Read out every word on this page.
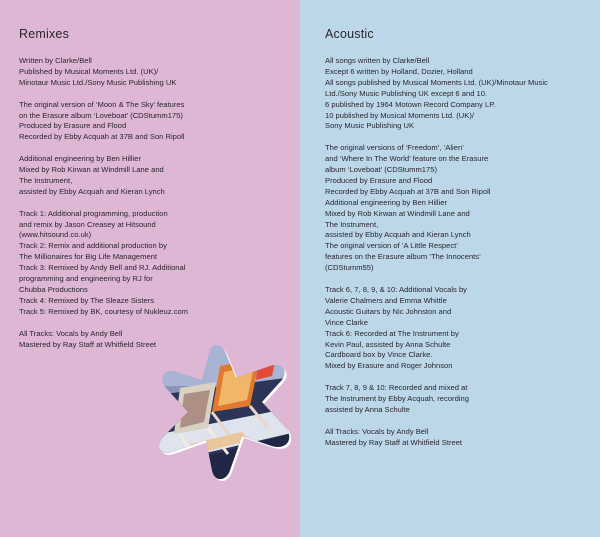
Remixes
Written by Clarke/Bell
Published by Musical Moments Ltd. (UK)/
Minotaur Music Ltd./Sony Music Publishing UK
The original version of ‘Moon & The Sky’ features
on the Erasure album ‘Loveboat’ (CDStumm175)
Produced by Erasure and Flood
Recorded by Ebby Acquah at 37B and Son Ripoll
Additional engineering by Ben Hillier
Mixed by Rob Kirwan at Windmill Lane and
The Instrument,
assisted by Ebby Acquah and Kieran Lynch
Track 1: Additional programming, production
and remix by Jason Creasey at Hitsound
(www.hitsound.co.uk)
Track 2: Remix and additional production by
The Millionaires for Big Life Management
Track 3: Remixed by Andy Bell and RJ. Additional
programming and engineering by RJ for
Chubba Productions
Track 4: Remixed by The Sleaze Sisters
Track 5: Remixed by BK, courtesy of Nukleuz.com
All Tracks: Vocals by Andy Bell
Mastered by Ray Staff at Whitfield Street
Acoustic
All songs written by Clarke/Bell
Except 6 written by Holland, Dozier, Holland
All songs published by Musical Moments Ltd. (UK)/Minotaur Music
Ltd./Sony Music Publishing UK except 6 and 10.
6 published by 1964 Motown Record Company LP.
10 published by Musical Moments Ltd. (UK)/
Sony Music Publishing UK
The original versions of ‘Freedom’, ‘Alien’
and ‘Where In The World’ feature on the Erasure
album ‘Loveboat’ (CDStumm175)
Produced by Erasure and Flood
Recorded by Ebby Acquah at 37B and Son Ripoll
Additional engineering by Ben Hillier
Mixed by Rob Kirwan at Windmill Lane and
The Instrument,
assisted by Ebby Acquah and Kieran Lynch
The original version of ‘A Little Respect’
features on the Erasure album ‘The Innocents’
(CDStumm55)
Track 6, 7, 8, 9, & 10: Additional Vocals by
Valerie Chalmers and Emma Whittle
Acoustic Guitars by Nic Johnston and
Vince Clarke
Track 6: Recorded at The Instrument by
Kevin Paul, assisted by Anna Schulte
Cardboard box by Vince Clarke.
Mixed by Erasure and Roger Johnson
Track 7, 8, 9 & 10: Recorded and mixed at
The Instrument by Ebby Acquah, recording
assisted by Anna Schulte
All Tracks: Vocals by Andy Bell
Mastered by Ray Staff at Whitfield Street
